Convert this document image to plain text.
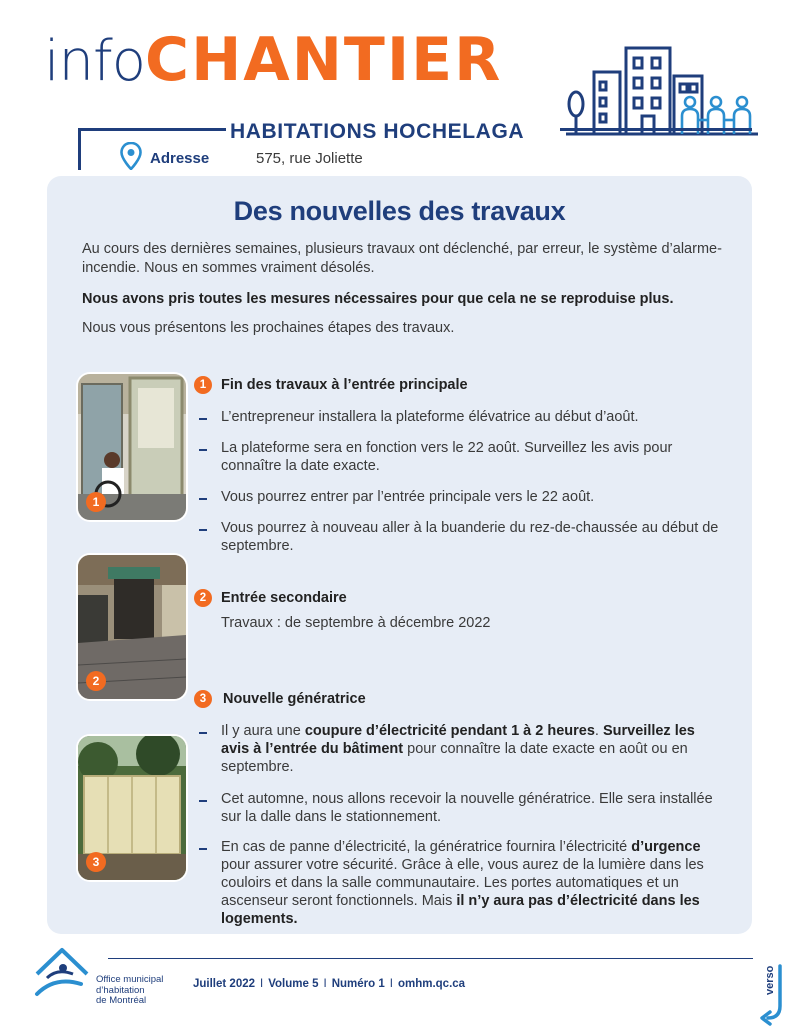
infoCHANTIER
HABITATIONS HOCHELAGA
Adresse	575, rue Joliette
Des nouvelles des travaux
Au cours des dernières semaines, plusieurs travaux ont déclenché, par erreur, le système d’alarme-incendie. Nous en sommes vraiment désolés.
Nous avons pris toutes les mesures nécessaires pour que cela ne se reproduise plus.
Nous vous présentons les prochaines étapes des travaux.
1
2
3
1	Fin des travaux à l’entrée principale
L’entrepreneur installera la plateforme élévatrice au début d’août.
La plateforme sera en fonction vers le 22 août. Surveillez les avis pour connaître la date exacte.
Vous pourrez entrer par l’entrée principale vers le 22 août.
Vous pourrez à nouveau aller à la buanderie du rez-de-chaussée au début de septembre.
2	Entrée secondaire
Travaux : de septembre à décembre 2022
3	Nouvelle génératrice
Il y aura une coupure d’électricité pendant 1 à 2 heures. Surveillez les avis à l’entrée du bâtiment pour connaître la date exacte en août ou en septembre.
Cet automne, nous allons recevoir la nouvelle génératrice. Elle sera installée sur la dalle dans le stationnement.
En cas de panne d’électricité, la génératrice fournira l’électricité d’urgence pour assurer votre sécurité. Grâce à elle, vous aurez de la lumière dans les couloirs et dans la salle communautaire. Les portes automatiques et un ascenseur seront fonctionnels. Mais il n’y aura pas d’électricité dans les logements.
Office municipal
d’habitation
de Montréal
Juillet 2022 I Volume 5 I Numéro 1 I omhm.qc.ca	verso
